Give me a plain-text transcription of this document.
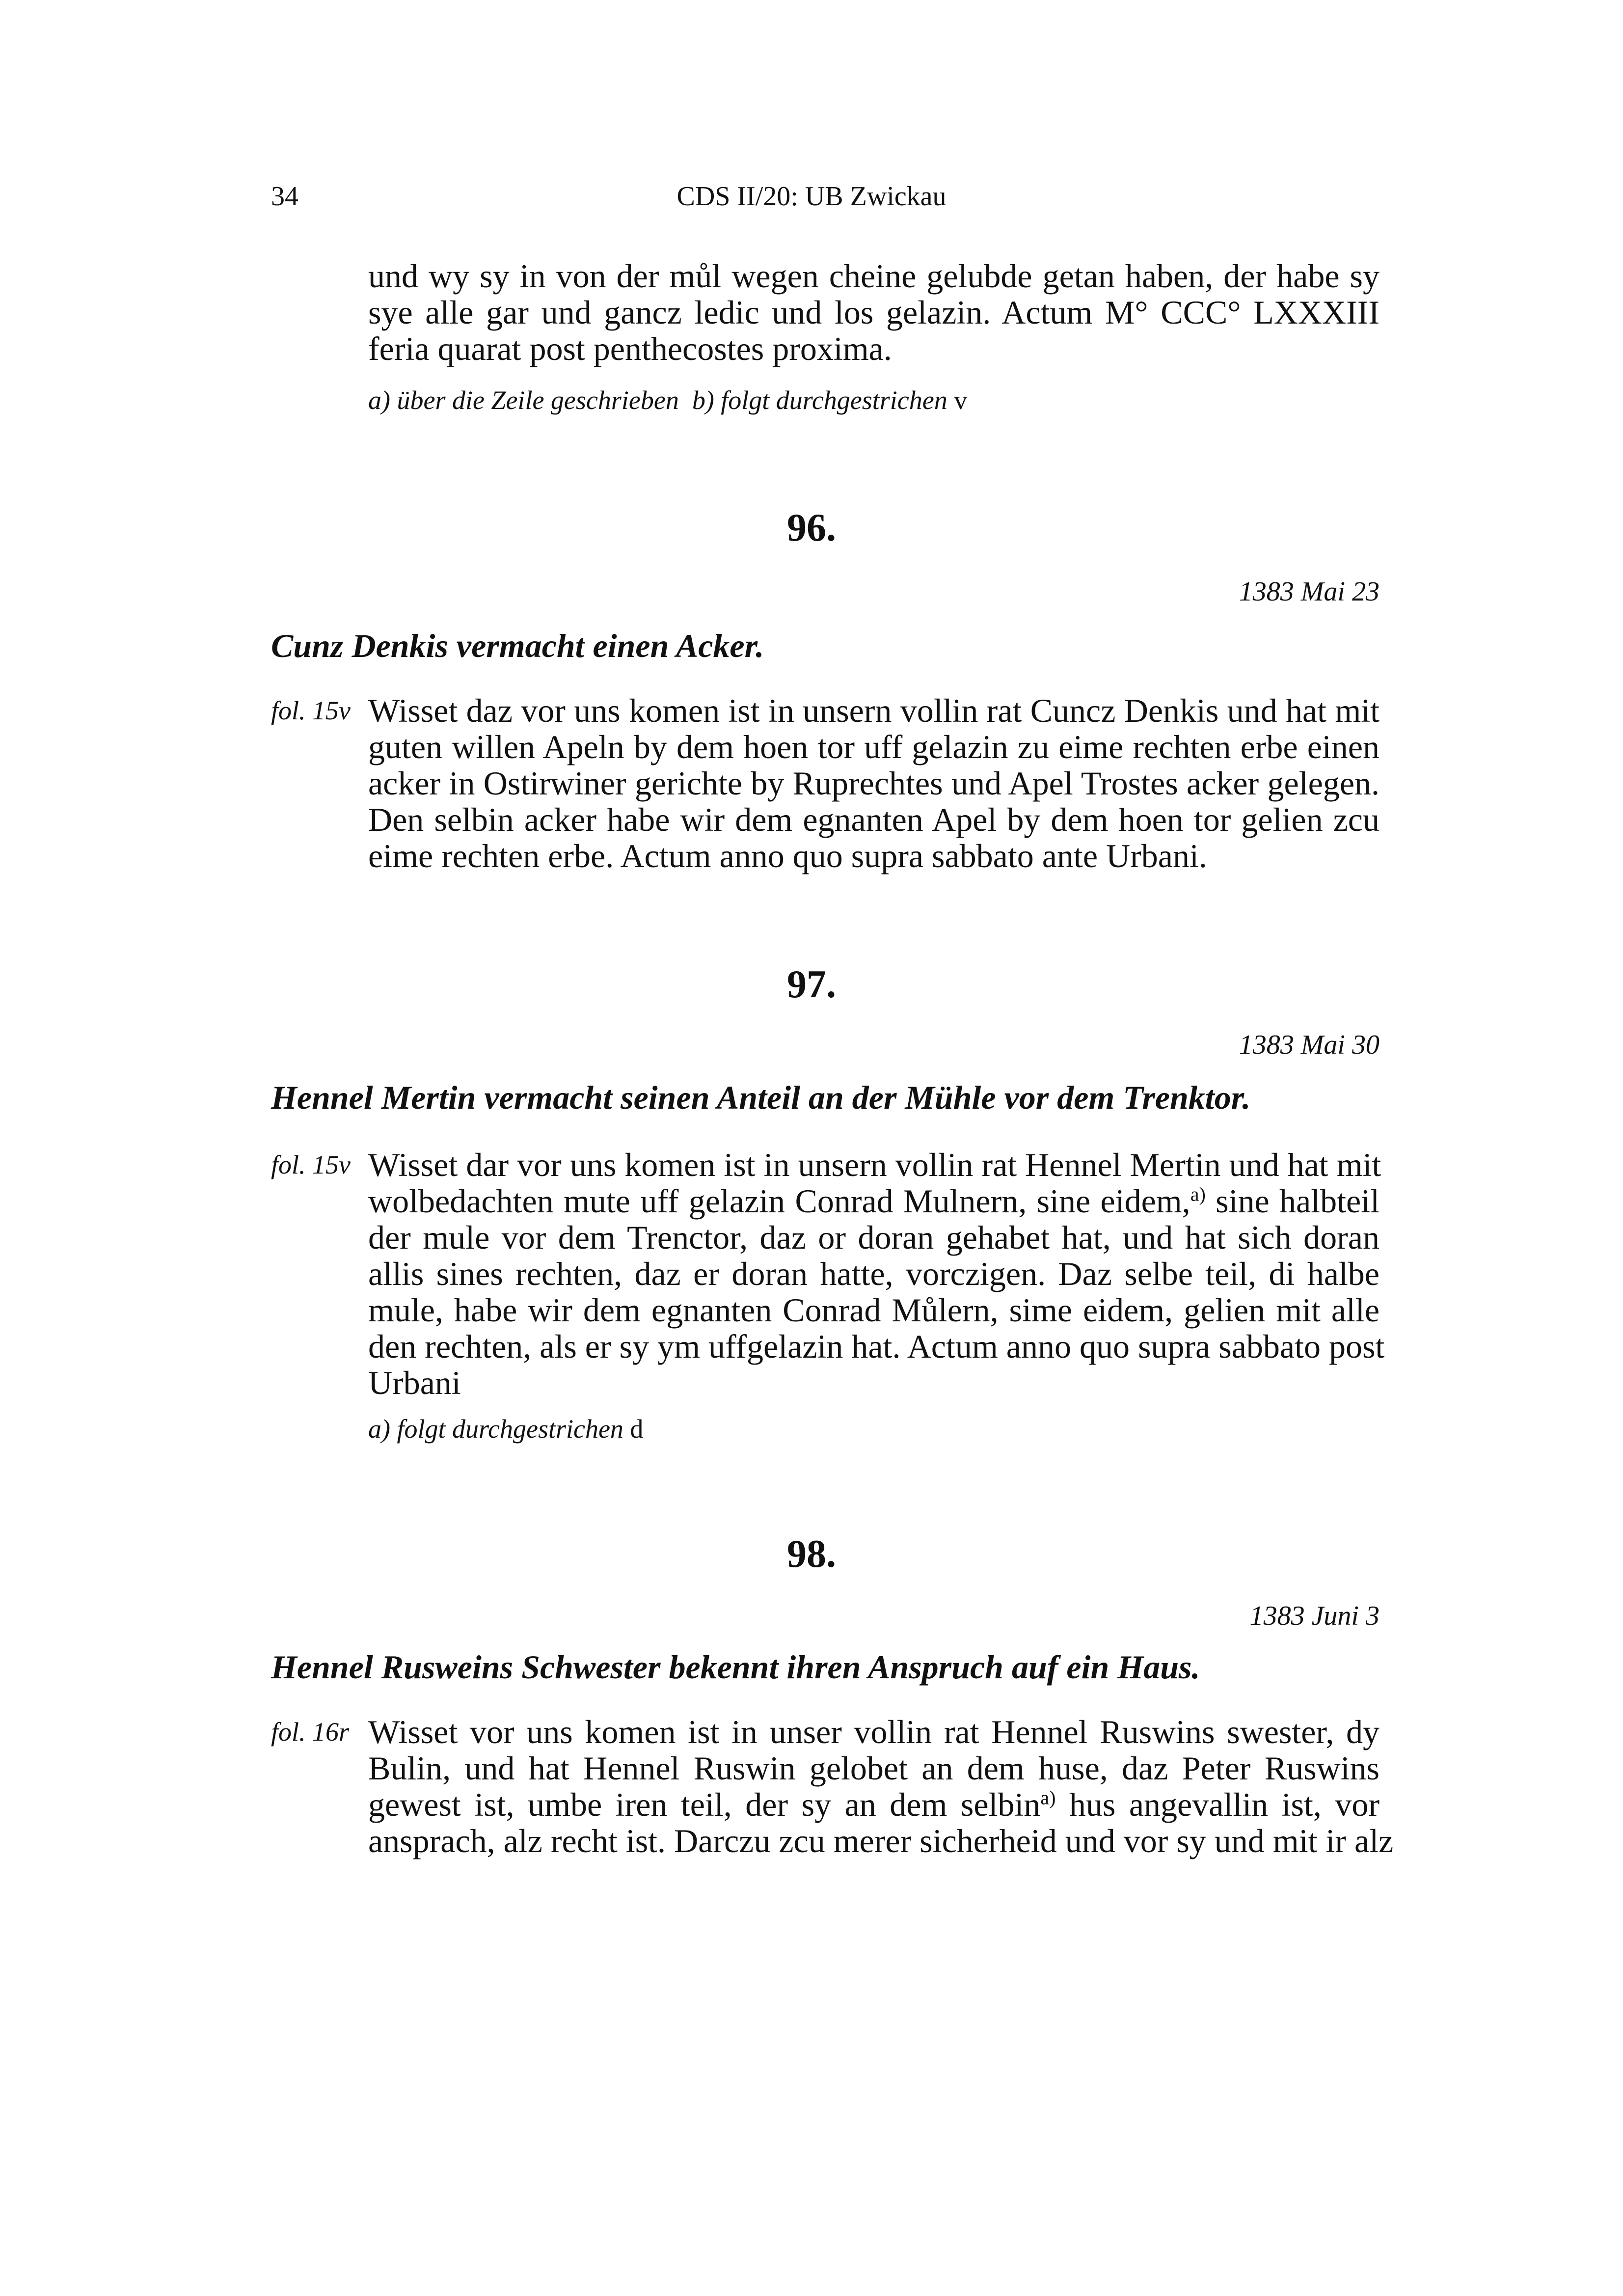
34	CDS II/20: UB Zwickau
und wy sy in von der můl wegen cheine gelubde getan haben, der habe sy
sye alle gar und gancz ledic und los gelazin. Actum M° CCC° LXXXIII
feria quarat post penthecostes proxima.
a) über die Zeile geschrieben b) folgt durchgestrichen v
96.
1383 Mai 23
Cunz Denkis vermacht einen Acker.
fol. 15v Wisset daz vor uns komen ist in unsern vollin rat Cuncz Denkis und hat mit
guten willen Apeln by dem hoen tor uff gelazin zu eime rechten erbe einen
acker in Ostirwiner gerichte by Ruprechtes und Apel Trostes acker gelegen.
Den selbin acker habe wir dem egnanten Apel by dem hoen tor gelien zcu
eime rechten erbe. Actum anno quo supra sabbato ante Urbani.
97.
1383 Mai 30
Hennel Mertin vermacht seinen Anteil an der Mühle vor dem Trenktor.
fol. 15v Wisset dar vor uns komen ist in unsern vollin rat Hennel Mertin und hat mit
wolbedachten mute uff gelazin Conrad Mulnern, sine eidem,$^{a)}$ sine halbteil
der mule vor dem Trenctor, daz or doran gehabet hat, und hat sich doran
allis sines rechten, daz er doran hatte, vorczigen. Daz selbe teil, di halbe
mule, habe wir dem egnanten Conrad Můlern, sime eidem, gelien mit alle
den rechten, als er sy ym uffgelazin hat. Actum anno quo supra sabbato post
Urbani
a) folgt durchgestrichen d
98.
1383 Juni 3
Hennel Rusweins Schwester bekennt ihren Anspruch auf ein Haus.
fol. 16r Wisset vor uns komen ist in unser vollin rat Hennel Ruswins swester, dy
Bulin, und hat Hennel Ruswin gelobet an dem huse, daz Peter Ruswins
gewest ist, umbe iren teil, der sy an dem selbin$^{a)}$ hus angevallin ist, vor
ansprach, alz recht ist. Darczu zcu merer sicherheid und vor sy und mit ir alz
